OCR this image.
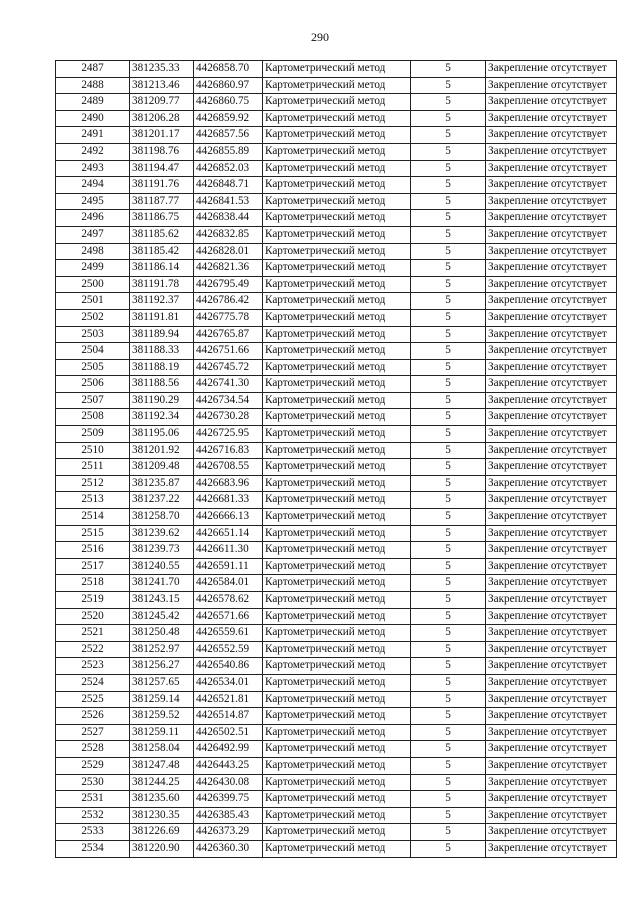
290
2487	381235.33	4426858.70	Картометрический метод	5	Закрепление отсутствует
2488	381213.46	4426860.97	Картометрический метод	5	Закрепление отсутствует
2489	381209.77	4426860.75	Картометрический метод	5	Закрепление отсутствует
2490	381206.28	4426859.92	Картометрический метод	5	Закрепление отсутствует
2491	381201.17	4426857.56	Картометрический метод	5	Закрепление отсутствует
2492	381198.76	4426855.89	Картометрический метод	5	Закрепление отсутствует
2493	381194.47	4426852.03	Картометрический метод	5	Закрепление отсутствует
2494	381191.76	4426848.71	Картометрический метод	5	Закрепление отсутствует
2495	381187.77	4426841.53	Картометрический метод	5	Закрепление отсутствует
2496	381186.75	4426838.44	Картометрический метод	5	Закрепление отсутствует
2497	381185.62	4426832.85	Картометрический метод	5	Закрепление отсутствует
2498	381185.42	4426828.01	Картометрический метод	5	Закрепление отсутствует
2499	381186.14	4426821.36	Картометрический метод	5	Закрепление отсутствует
2500	381191.78	4426795.49	Картометрический метод	5	Закрепление отсутствует
2501	381192.37	4426786.42	Картометрический метод	5	Закрепление отсутствует
2502	381191.81	4426775.78	Картометрический метод	5	Закрепление отсутствует
2503	381189.94	4426765.87	Картометрический метод	5	Закрепление отсутствует
2504	381188.33	4426751.66	Картометрический метод	5	Закрепление отсутствует
2505	381188.19	4426745.72	Картометрический метод	5	Закрепление отсутствует
2506	381188.56	4426741.30	Картометрический метод	5	Закрепление отсутствует
2507	381190.29	4426734.54	Картометрический метод	5	Закрепление отсутствует
2508	381192.34	4426730.28	Картометрический метод	5	Закрепление отсутствует
2509	381195.06	4426725.95	Картометрический метод	5	Закрепление отсутствует
2510	381201.92	4426716.83	Картометрический метод	5	Закрепление отсутствует
2511	381209.48	4426708.55	Картометрический метод	5	Закрепление отсутствует
2512	381235.87	4426683.96	Картометрический метод	5	Закрепление отсутствует
2513	381237.22	4426681.33	Картометрический метод	5	Закрепление отсутствует
2514	381258.70	4426666.13	Картометрический метод	5	Закрепление отсутствует
2515	381239.62	4426651.14	Картометрический метод	5	Закрепление отсутствует
2516	381239.73	4426611.30	Картометрический метод	5	Закрепление отсутствует
2517	381240.55	4426591.11	Картометрический метод	5	Закрепление отсутствует
2518	381241.70	4426584.01	Картометрический метод	5	Закрепление отсутствует
2519	381243.15	4426578.62	Картометрический метод	5	Закрепление отсутствует
2520	381245.42	4426571.66	Картометрический метод	5	Закрепление отсутствует
2521	381250.48	4426559.61	Картометрический метод	5	Закрепление отсутствует
2522	381252.97	4426552.59	Картометрический метод	5	Закрепление отсутствует
2523	381256.27	4426540.86	Картометрический метод	5	Закрепление отсутствует
2524	381257.65	4426534.01	Картометрический метод	5	Закрепление отсутствует
2525	381259.14	4426521.81	Картометрический метод	5	Закрепление отсутствует
2526	381259.52	4426514.87	Картометрический метод	5	Закрепление отсутствует
2527	381259.11	4426502.51	Картометрический метод	5	Закрепление отсутствует
2528	381258.04	4426492.99	Картометрический метод	5	Закрепление отсутствует
2529	381247.48	4426443.25	Картометрический метод	5	Закрепление отсутствует
2530	381244.25	4426430.08	Картометрический метод	5	Закрепление отсутствует
2531	381235.60	4426399.75	Картометрический метод	5	Закрепление отсутствует
2532	381230.35	4426385.43	Картометрический метод	5	Закрепление отсутствует
2533	381226.69	4426373.29	Картометрический метод	5	Закрепление отсутствует
2534	381220.90	4426360.30	Картометрический метод	5	Закрепление отсутствует
